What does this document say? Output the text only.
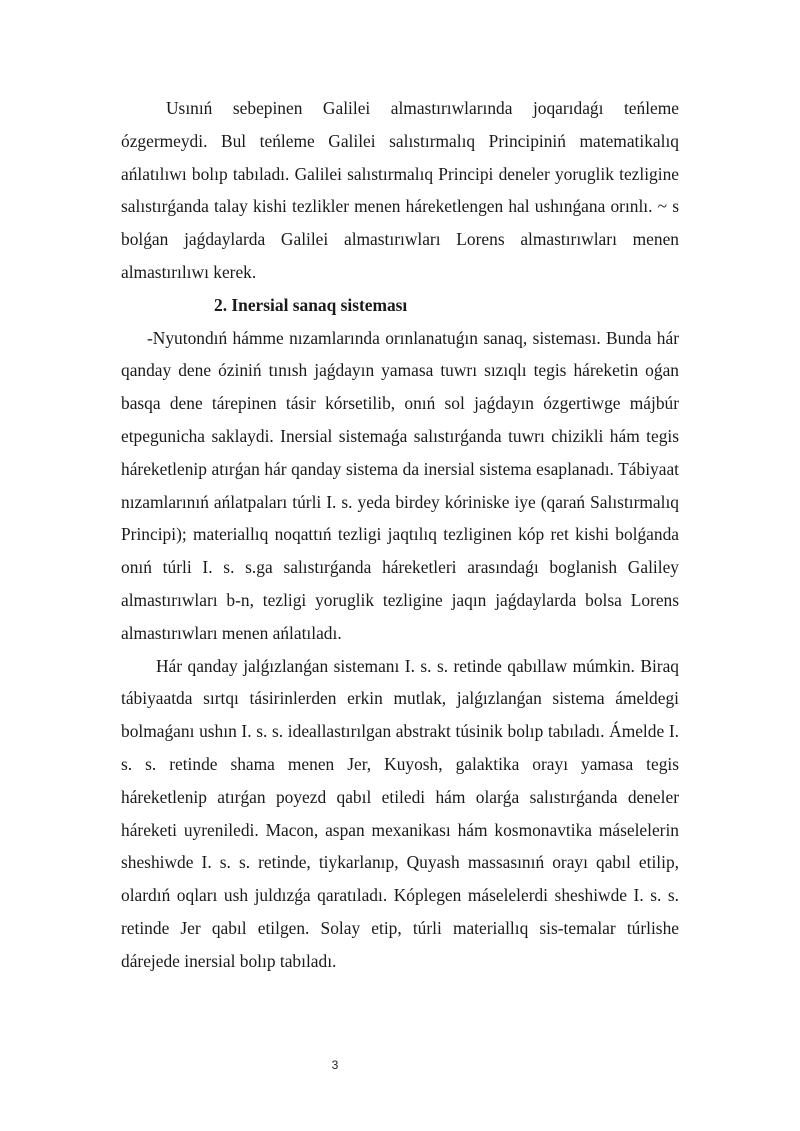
Usınıń sebepinen Galilei almastırıwlarında joqarıdaǵı teńleme ózgermeydi. Bul teńleme Galilei salıstırmalıq Principiniń matematikalıq ańlatılıwı bolıp tabıladı. Galilei salıstırmalıq Principi deneler yoruglik tezligine salıstırǵanda talay kishi tezlikler menen háreketlengen hal ushınǵana orınlı. ~ s bolǵan jaǵdaylarda Galilei almastırıwları Lorens almastırıwları menen almastırılıwı kerek.

2. Inersial sanaq sisteması

-Nyutondıń hámme nızamlarında orınlanatuǵın sanaq, sisteması. Bunda hár qanday dene óziniń tınısh jaǵdayın yamasa tuwrı sızıqlı tegis háreketin oǵan basqa dene tárepinen tásir kórsetilib, onıń sol jaǵdayın ózgertiwge májbúr etpegunicha saklaydi. Inersial sistemaǵa salıstırǵanda tuwrı chizikli hám tegis háreketlenip atırǵan hár qanday sistema da inersial sistema esaplanadı. Tábiyaat nızamlarınıń ańlatpaları túrli I. s. yeda birdey kóriniske iye (qarań Salıstırmalıq Principi); materiallıq noqattıń tezligi jaqtılıq tezliginen kóp ret kishi bolǵanda onıń túrli I. s. s.ga salıstırǵanda háreketleri arasındaǵı boglanish Galiley almastırıwları b-n, tezligi yoruglik tezligine jaqın jaǵdaylarda bolsa Lorens almastırıwları menen ańlatıladı.

Hár qanday jalǵızlanǵan sistemanı I. s. s. retinde qabıllaw múmkin. Biraq tábiyaatda sırtqı tásirinlerden erkin mutlak, jalǵızlanǵan sistema ámeldegi bolmaǵanı ushın I. s. s. ideallastırılgan abstrakt túsinik bolıp tabıladı. Ámelde I. s. s. retinde shama menen Jer, Kuyosh, galaktika orayı yamasa tegis háreketlenip atırǵan poyezd qabıl etiledi hám olarǵa salıstırǵanda deneler háreketi uyreniledi. Macon, aspan mexanikası hám kosmonavtika máselelerin sheshiwde I. s. s. retinde, tiykarlanıp, Quyash massasınıń orayı qabıl etilip, olardıń oqları ush juldızǵa qaratıladı. Kóplegen máselelerdi sheshiwde I. s. s. retinde Jer qabıl etilgen. Solay etip, túrli materiallıq sis-temalar túrlishe dárejede inersial bolıp tabıladı.

3
